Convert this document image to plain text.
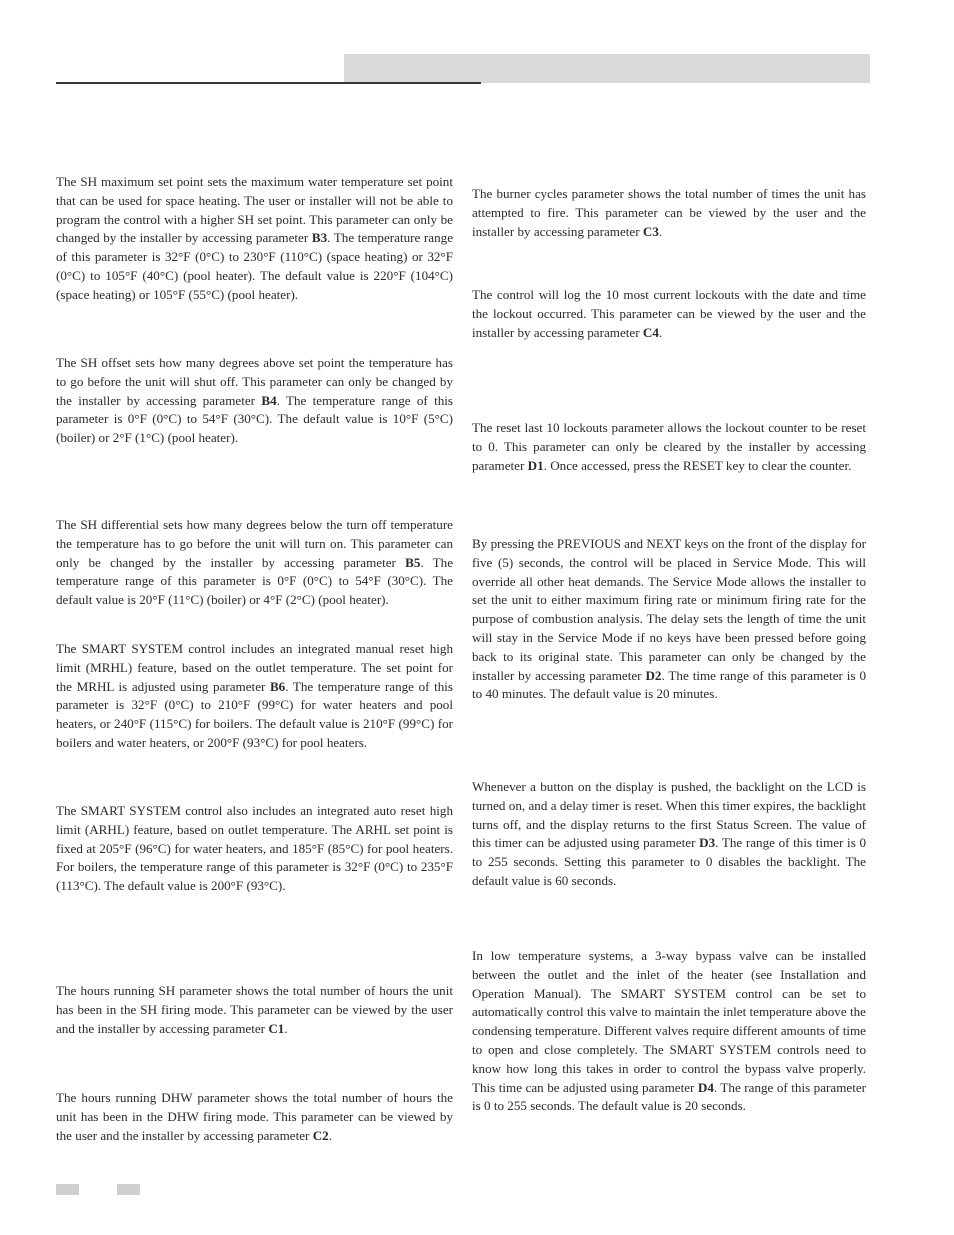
The SH maximum set point sets the maximum water temperature set point that can be used for space heating. The user or installer will not be able to program the control with a higher SH set point. This parameter can only be changed by the installer by accessing parameter B3. The temperature range of this parameter is 32°F (0°C) to 230°F (110°C) (space heating) or 32°F (0°C) to 105°F (40°C) (pool heater). The default value is 220°F (104°C) (space heating) or 105°F (55°C) (pool heater).

The SH offset sets how many degrees above set point the temperature has to go before the unit will shut off. This parameter can only be changed by the installer by accessing parameter B4. The temperature range of this parameter is 0°F (0°C) to 54°F (30°C). The default value is 10°F (5°C) (boiler) or 2°F (1°C) (pool heater).

The SH differential sets how many degrees below the turn off temperature the temperature has to go before the unit will turn on. This parameter can only be changed by the installer by accessing parameter B5. The temperature range of this parameter is 0°F (0°C) to 54°F (30°C). The default value is 20°F (11°C) (boiler) or 4°F (2°C) (pool heater).

The SMART SYSTEM control includes an integrated manual reset high limit (MRHL) feature, based on the outlet temperature. The set point for the MRHL is adjusted using parameter B6. The temperature range of this parameter is 32°F (0°C) to 210°F (99°C) for water heaters and pool heaters, or 240°F (115°C) for boilers. The default value is 210°F (99°C) for boilers and water heaters, or 200°F (93°C) for pool heaters.

The SMART SYSTEM control also includes an integrated auto reset high limit (ARHL) feature, based on outlet temperature. The ARHL set point is fixed at 205°F (96°C) for water heaters, and 185°F (85°C) for pool heaters. For boilers, the temperature range of this parameter is 32°F (0°C) to 235°F (113°C). The default value is 200°F (93°C).

The hours running SH parameter shows the total number of hours the unit has been in the SH firing mode. This parameter can be viewed by the user and the installer by accessing parameter C1.

The hours running DHW parameter shows the total number of hours the unit has been in the DHW firing mode. This parameter can be viewed by the user and the installer by accessing parameter C2.

The burner cycles parameter shows the total number of times the unit has attempted to fire. This parameter can be viewed by the user and the installer by accessing parameter C3.

The control will log the 10 most current lockouts with the date and time the lockout occurred. This parameter can be viewed by the user and the installer by accessing parameter C4.

The reset last 10 lockouts parameter allows the lockout counter to be reset to 0. This parameter can only be cleared by the installer by accessing parameter D1. Once accessed, press the RESET key to clear the counter.

By pressing the PREVIOUS and NEXT keys on the front of the display for five (5) seconds, the control will be placed in Service Mode. This will override all other heat demands. The Service Mode allows the installer to set the unit to either maximum firing rate or minimum firing rate for the purpose of combustion analysis. The delay sets the length of time the unit will stay in the Service Mode if no keys have been pressed before going back to its original state. This parameter can only be changed by the installer by accessing parameter D2. The time range of this parameter is 0 to 40 minutes. The default value is 20 minutes.

Whenever a button on the display is pushed, the backlight on the LCD is turned on, and a delay timer is reset. When this timer expires, the backlight turns off, and the display returns to the first Status Screen. The value of this timer can be adjusted using parameter D3. The range of this timer is 0 to 255 seconds. Setting this parameter to 0 disables the backlight. The default value is 60 seconds.

In low temperature systems, a 3-way bypass valve can be installed between the outlet and the inlet of the heater (see Installation and Operation Manual). The SMART SYSTEM control can be set to automatically control this valve to maintain the inlet temperature above the condensing temperature. Different valves require different amounts of time to open and close completely. The SMART SYSTEM controls need to know how long this takes in order to control the bypass valve properly. This time can be adjusted using parameter D4. The range of this parameter is 0 to 255 seconds. The default value is 20 seconds.
